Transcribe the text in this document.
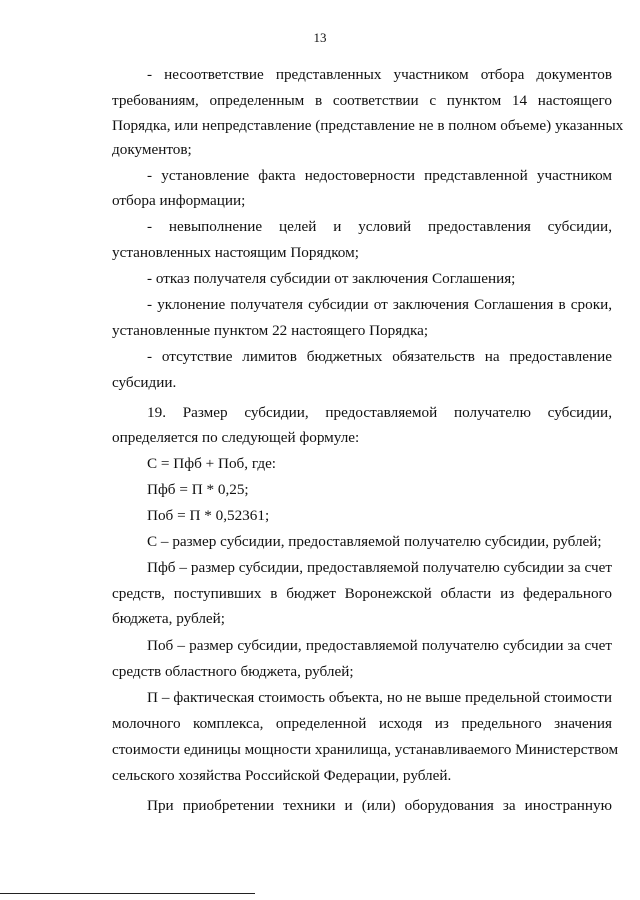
13
- несоответствие представленных участником отбора документов
требованиям, определенным в соответствии с пунктом 14 настоящего
Порядка, или непредставление (представление не в полном объеме) указанных
документов;
- установление факта недостоверности представленной участником
отбора информации;
- невыполнение целей и условий предоставления субсидии,
установленных настоящим Порядком;
- отказ получателя субсидии от заключения Соглашения;
- уклонение получателя субсидии от заключения Соглашения в сроки,
установленные пунктом 22 настоящего Порядка;
- отсутствие лимитов бюджетных обязательств на предоставление
субсидии.
19. Размер субсидии, предоставляемой получателю субсидии,
определяется по следующей формуле:
С = Пфб + Поб, где:
Пфб = П * 0,25;
Поб = П * 0,52361;
С – размер субсидии, предоставляемой получателю субсидии, рублей;
Пфб – размер субсидии, предоставляемой получателю субсидии за счет
средств, поступивших в бюджет Воронежской области из федерального
бюджета, рублей;
Поб – размер субсидии, предоставляемой получателю субсидии за счет
средств областного бюджета, рублей;
П – фактическая стоимость объекта, но не выше предельной стоимости
молочного комплекса, определенной исходя из предельного значения
стоимости единицы мощности хранилища, устанавливаемого Министерством
сельского хозяйства Российской Федерации, рублей.
При приобретении техники и (или) оборудования за иностранную
